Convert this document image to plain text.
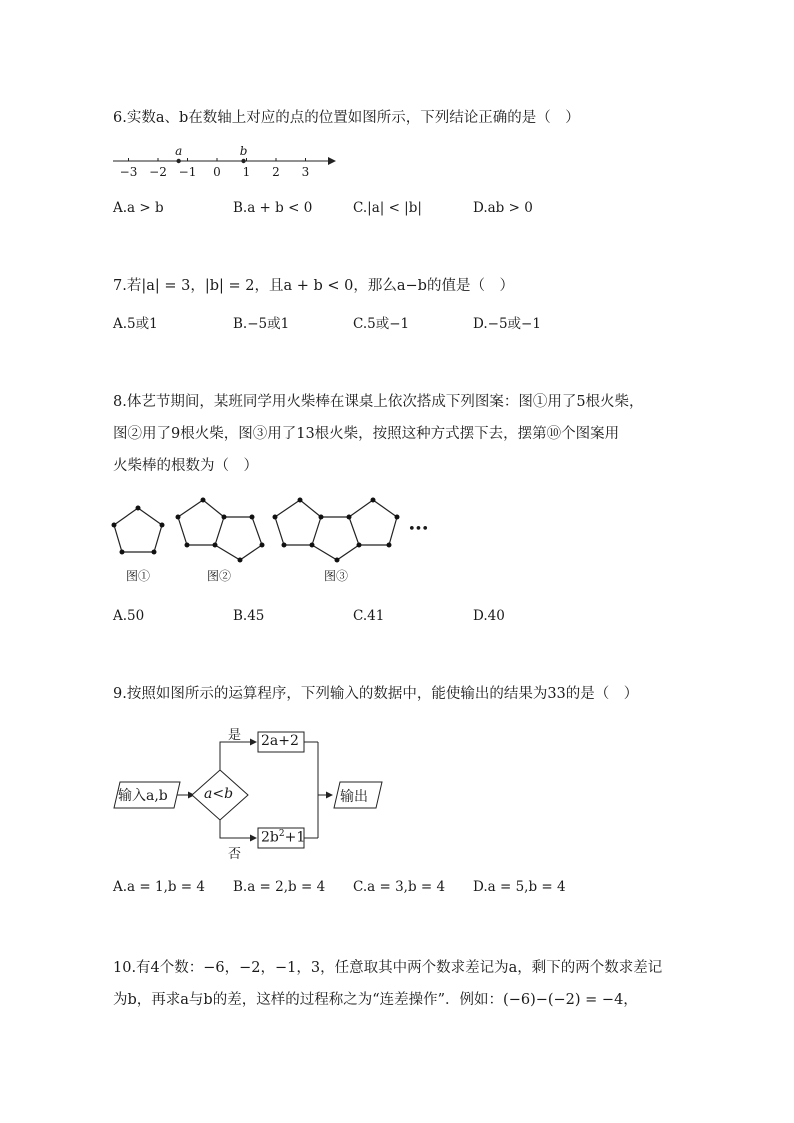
6.实数a、b在数轴上对应的点的位置如图所示，下列结论正确的是（　）
−3 −2 −1 0 1 2 3
a	b
A.a > b	B.a + b < 0	C.|a| < |b|	D.ab > 0
7.若|a| = 3，|b| = 2，且a + b < 0，那么a−b的值是（　）
A.5或1	B.−5或1	C.5或−1	D.−5或−1
8.体艺节期间，某班同学用火柴棒在课桌上依次搭成下列图案：图①用了5根火柴，
图②用了9根火柴，图③用了13根火柴，按照这种方式摆下去，摆第⑩个图案用
火柴棒的根数为（　）
•••
图①	图②	图③
A.50	B.45	C.41	D.40
9.按照如图所示的运算程序，下列输入的数据中，能使输出的结果为33的是（　）
输入a,b	a<b
是
否
2a+2
$2b^2+1$
输出
A.a = 1,b = 4 B.a = 2,b = 4 C.a = 3,b = 4 D.a = 5,b = 4
10.有4个数：−6，−2，−1，3，任意取其中两个数求差记为a，剩下的两个数求差记
为b，再求a与b的差，这样的过程称之为“连差操作”．例如：(−6)−(−2) = −4，
